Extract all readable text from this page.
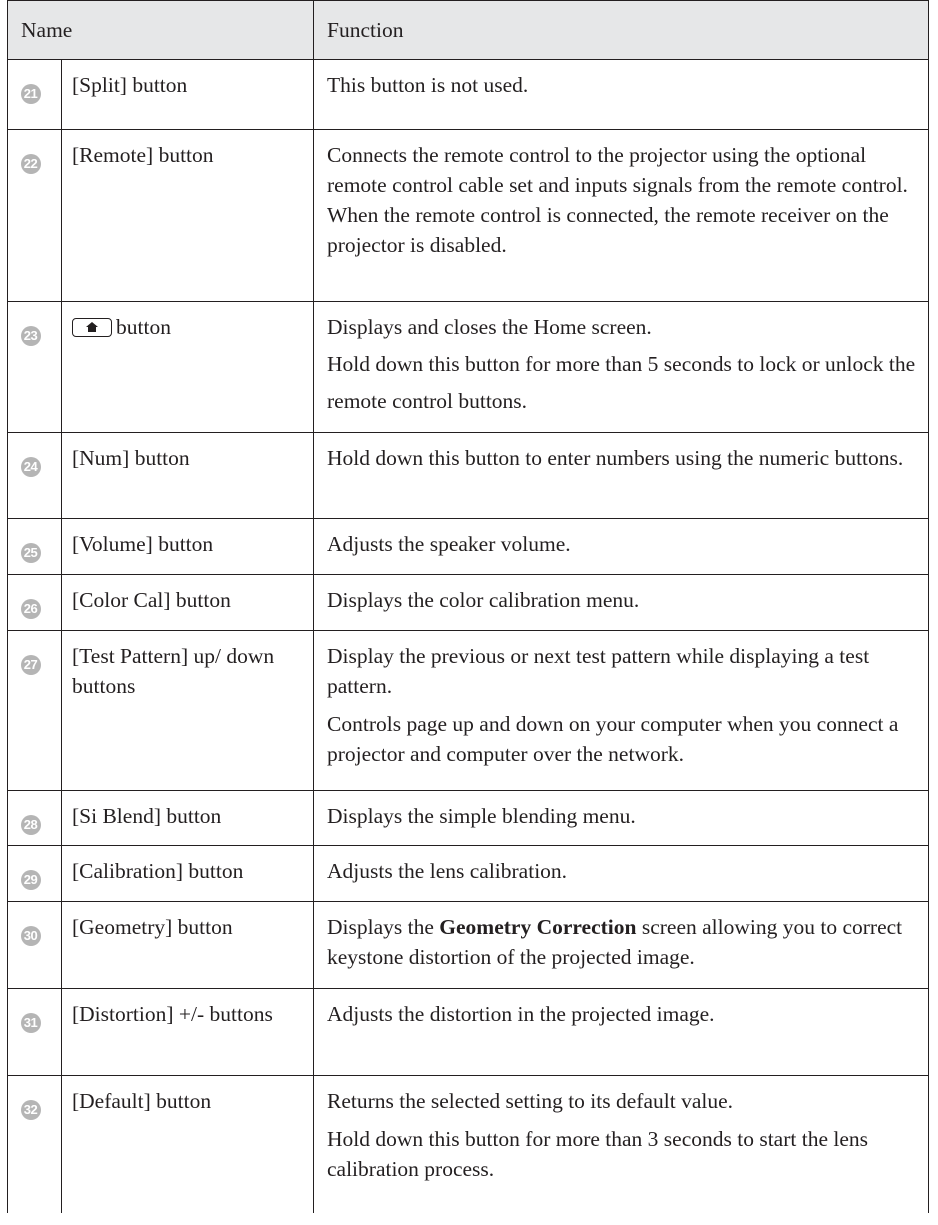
Name		Function
21	[Split] button	This button is not used.

22	[Remote] button	Connects the remote control to the projector using the optional remote control cable set and inputs signals from the remote control. When the remote control is connected, the remote receiver on the projector is disabled.

23	button	Displays and closes the Home screen.

Hold down this button for more than 5 seconds to lock or unlock the remote control buttons.

24	[Num] button	Hold down this button to enter numbers using the numeric buttons.

25	[Volume] button	Adjusts the speaker volume.

26	[Color Cal] button	Displays the color calibration menu.

27	[Test Pattern] up/ down buttons	Display the previous or next test pattern while displaying a test pattern.

Controls page up and down on your computer when you connect a projector and computer over the network.

28	[Si Blend] button	Displays the simple blending menu.

29	[Calibration] button	Adjusts the lens calibration.

30	[Geometry] button	Displays the Geometry Correction screen allowing you to correct keystone distortion of the projected image.

31	[Distortion] +/- buttons	Adjusts the distortion in the projected image.

32	[Default] button	Returns the selected setting to its default value.

Hold down this button for more than 3 seconds to start the lens calibration process.
